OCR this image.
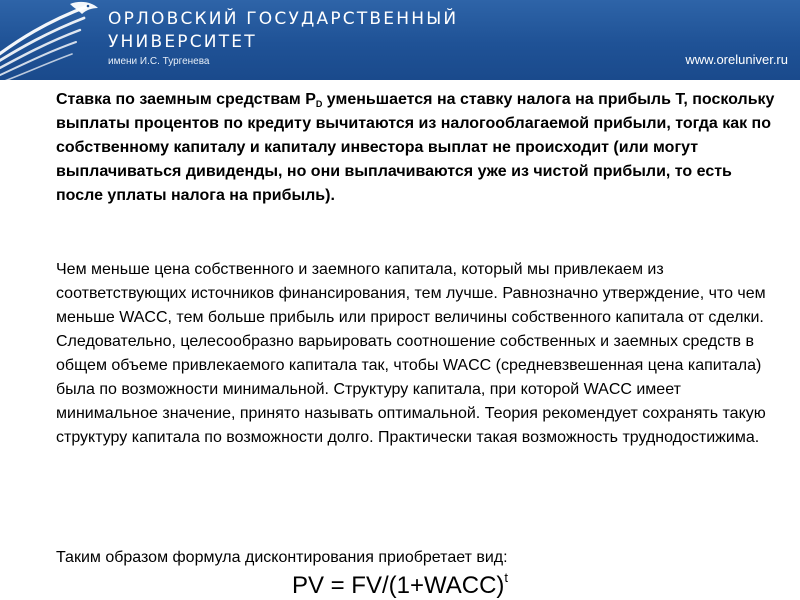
ОРЛОВСКИЙ ГОСУДАРСТВЕННЫЙ
УНИВЕРСИТЕТ
имени И.С. Тургенева	www.oreluniver.ru
Ставка по заемным средствам $P_D$ уменьшается на ставку налога на прибыль T, поскольку выплаты процентов по кредиту вычитаются из налогооблагаемой прибыли, тогда как по собственному капиталу и капиталу инвестора выплат не происходит (или могут выплачиваться дивиденды, но они выплачиваются уже из чистой прибыли, то есть после уплаты налога на прибыль).
Чем меньше цена собственного и заемного капитала, который мы привлекаем из соответствующих источников финансирования, тем лучше. Равнозначно утверждение, что чем меньше WACC, тем больше прибыль или прирост величины собственного капитала от сделки. Следовательно, целесообразно варьировать соотношение собственных и заемных средств в общем объеме привлекаемого капитала так, чтобы WACC (средневзвешенная цена капитала) была по возможности минимальной. Структуру капитала, при которой WACC имеет минимальное значение, принято называть оптимальной. Теория рекомендует сохранять такую структуру капитала по возможности долго. Практически такая возможность труднодостижима.
Таким образом формула дисконтирования приобретает вид:
PV = FV/(1+WACC)$^t$
